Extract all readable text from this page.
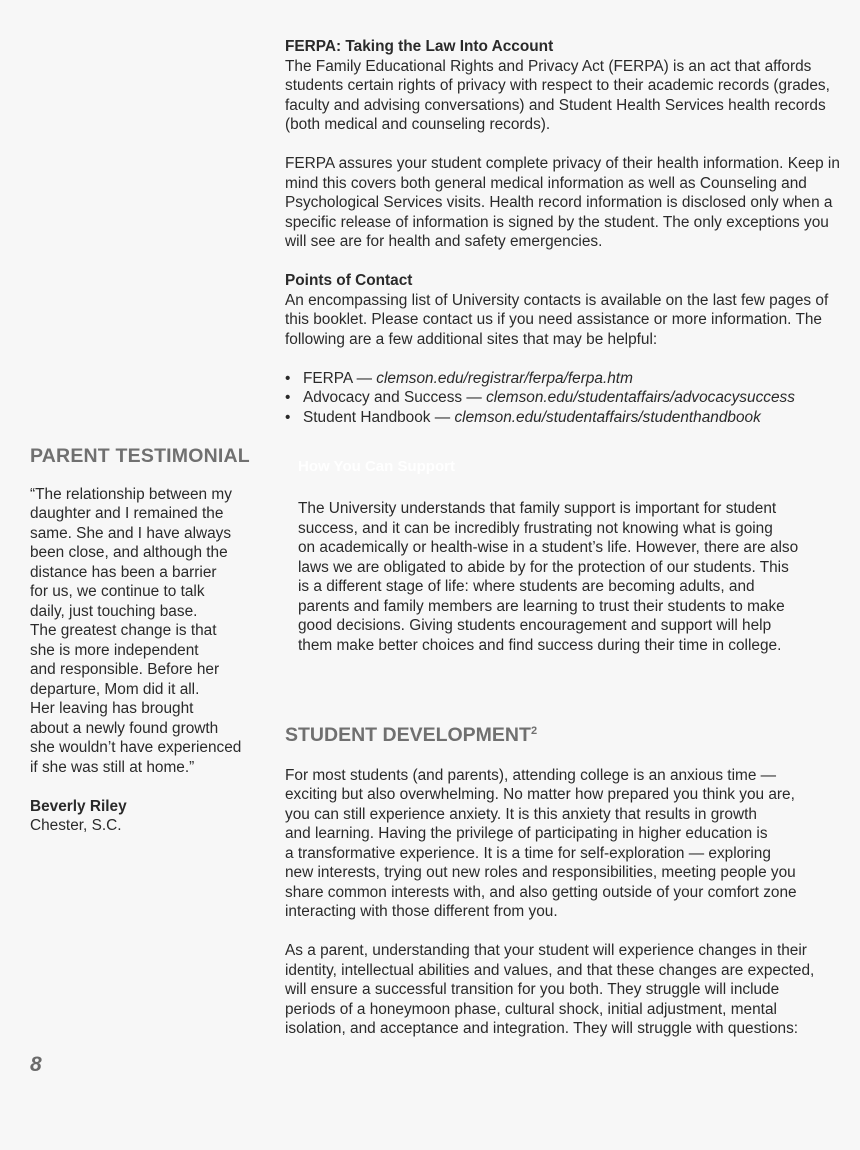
FERPA: Taking the Law Into Account

The Family Educational Rights and Privacy Act (FERPA) is an act that affords students certain rights of privacy with respect to their academic records (grades, faculty and advising conversations) and Student Health Services health records (both medical and counseling records).

FERPA assures your student complete privacy of their health information. Keep in mind this covers both general medical information as well as Counseling and Psychological Services visits. Health record information is disclosed only when a specific release of information is signed by the student. The only exceptions you will see are for health and safety emergencies.

Points of Contact

An encompassing list of University contacts is available on the last few pages of this booklet. Please contact us if you need assistance or more information. The following are a few additional sites that may be helpful:

• FERPA — clemson.edu/registrar/ferpa/ferpa.htm
• Advocacy and Success — clemson.edu/studentaffairs/advocacysuccess
• Student Handbook — clemson.edu/studentaffairs/studenthandbook
PARENT TESTIMONIAL
“The relationship between my
daughter and I remained the
same. She and I have always
been close, and although the
distance has been a barrier
for us, we continue to talk
daily, just touching base.
The greatest change is that
she is more independent
and responsible. Before her
departure, Mom did it all.
Her leaving has brought
about a newly found growth
she wouldn’t have experienced
if she was still at home.”
Beverly Riley
Chester, S.C.
How You Can Support

The University understands that family support is important for student
success, and it can be incredibly frustrating not knowing what is going
on academically or health-wise in a student’s life. However, there are also
laws we are obligated to abide by for the protection of our students. This
is a different stage of life: where students are becoming adults, and
parents and family members are learning to trust their students to make
good decisions. Giving students encouragement and support will help
them make better choices and find success during their time in college.

STUDENT DEVELOPMENT$^2$

For most students (and parents), attending college is an anxious time —
exciting but also overwhelming. No matter how prepared you think you are,
you can still experience anxiety. It is this anxiety that results in growth
and learning. Having the privilege of participating in higher education is
a transformative experience. It is a time for self-exploration — exploring
new interests, trying out new roles and responsibilities, meeting people you
share common interests with, and also getting outside of your comfort zone
interacting with those different from you.

As a parent, understanding that your student will experience changes in their
identity, intellectual abilities and values, and that these changes are expected,
will ensure a successful transition for you both. They struggle will include
periods of a honeymoon phase, cultural shock, initial adjustment, mental
isolation, and acceptance and integration. They will struggle with questions:

8
